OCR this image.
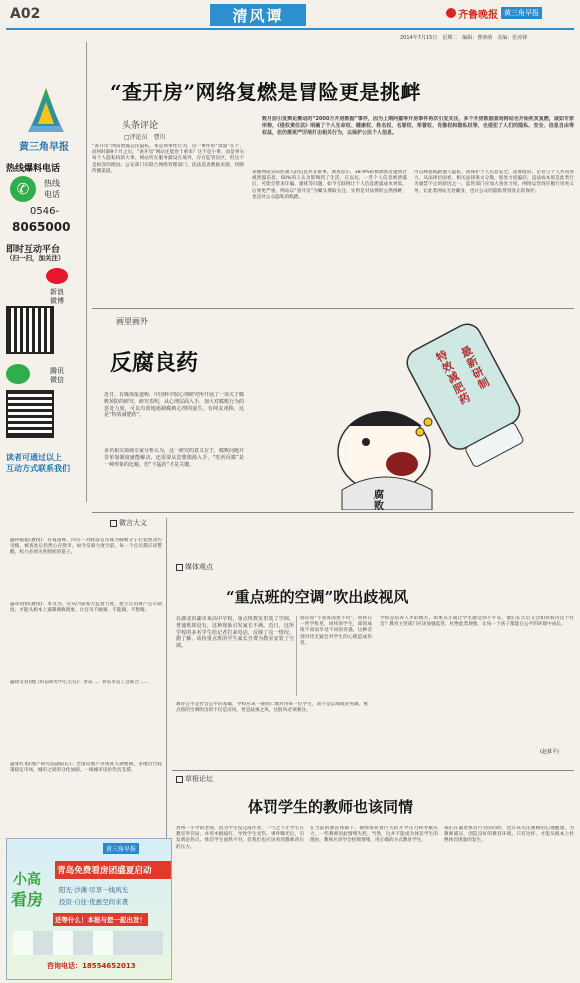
A02	清风谭	齐鲁晚报 黄三角早报
2014年7月15日　星期二　编辑：曹萌萌　美编：张涛锋
黄三角早报
热线爆料电话
✆	热线
电话
0546-
8065000
即时互动平台
（扫一扫，加关注）
新浪
微博
腾讯
微信
读者可通过以上
互动方式联系我们
“查开房”网络复燃是冒险更是挑衅
头条评论
□评论员　曹川
数月前引发舆论震动的“2000万开房数据”事件，因为上期阿嘉等开房事件再次引发关注，多个开房数据查询网站也开始死灰复燃，诚如专家所称，《侵权责任法》明确了个人生命权、健康权、姓名权、名誉权、荣誉权、肖像权和隐私权等，也侵犯了人们的隐私、安全、信息自由等权益，但仍需更严厉地打击相关行为，以保护公民个人信息。
“查开房”网站泄露公民隐私，本是刑事性行为，这一事件的“余波”在于，而何时隔9个月之后，“查开房”网站还能卷土重来？这不是小事，而是事关每个人隐私权的大事。网站所在服务器设在境外，存在监管盲区，但这不是纵容的理由。公安部门应联合网络管理部门，依法追查数据来源，切断传播渠道。	掌握网站实际控制人的信息并非难事，调查显示，38.9%的被调查者遭到过被泄露信息，60%的人认为影响到了生活。在以往，一些个人信息被泄露后，可能会带来诈骗、骚扰等问题，如今互联网让个人信息泄露成本更低、后果更严重。网站以“查开房”为噱头博取关注，实则是对法律的公然挑衅，也是对公众隐私的践踏。
可以肆意践踏他人隐私，而保护个人信息安全，需要政府、企业与个人共同努力。从法律层面看，相关法律条文分散，惩处力度偏轻，违法成本低是此类行为屡禁不止的原因之一。监管部门应加大查处力度，网络运营商应履行审查义务，让此类网站无处藏身，也让公众的隐私得到真正的保护。
画里画外
反腐良药
近日，有媒体报道称，中国科学院心理研究所开展了一项关于腐败预防的研究，研究表明，从心理层面入手，加大对腐败行为的惩处力度，可以有效地遏制腐败心理的滋生。有网友戏称，这是“特效减肥药”。
多名相关领域专家分析认为，这一研究的意义在于，腐败问题并非单靠制度就能解决，还需要从思想根源入手，“吃药反腐”是一种形象的比喻，但“下猛药”才是关键。
特效减肥药
最新研制
腐败
微言大义
@何振彪(教授)：有报道称，四川一对政法官员成为腐败分子后竟然贪污受贿，被查处后仍然心存侥幸。如今反腐力度空前，每一个官员都应该警醒，权力必须关进制度的笼子。
@章剑恒(教授)：本文为，应从内部加大监督力度，建立官员财产公示制度，才能从根本上遏制腐败现象，让官员不敢腐、不能腐、不想腐。
@徐文君(澳门诉讼研究中心主任)：青岛二、青岛市总工会联合……
@张红旭(地产研究院副院长)：全国房地产市场进入调整期，多地出台政策稳定市场，城市之间的分化加剧，一线城市房价仍具支撑。
媒体观点
“重点班的空调”吹出歧视风
在湖北洪湖市某高中学校，重点班教室里装了空调，普通班却没有，这种现象引发家长不满。近日，这所学校的多名学生给记者打来电话，反映了这一情况。据了解，该校重点班的学生家长自费为教室安装了空调。
俗话说“不患寡而患不均”，同样在一所学校里，同样的学生，却因成绩不同而享受不同的待遇，这种差别对待无疑会对学生的心理造成伤害。
教育公平是社会公平的基础，学校应该一视同仁地对待每一位学生，而不是以成绩论英雄。重点班的空调吹出的不仅是凉风，更是歧视之风，这股风必须刹住。
学校是培养人才的地方，如果从小就让学生感受到不平等，他们长大后又会如何看待这个社会？教育主管部门应该加强监管，杜绝此类现象，让每一个孩子都能在公平的环境中成长。
(赵慕平)
草根论坛
体罚学生的教师也该同情
贵州一小学的老师，因为学生没完成作业，一气之下让学生在教室外罚站，并用木棍殴打，导致学生受伤。事件曝光后，引发舆论热议。体罚学生固然不对，但我们也应该看到教师背后的压力。
在当前的教育体制下，教师承担着巨大的升学压力和考核压力，一些教师因此情绪失控。当然，这并不能成为体罚学生的理由，教师应该学会控制情绪，用正确的方式教育学生。
我们在谴责体罚行为的同时，也应该关注教师的心理健康，为教师减压，创造良好的教育环境。只有这样，才能从根本上杜绝体罚现象的发生。
黄三角早报
小高
看房
青岛免费看房团盛夏启动
阳光·沙滩·尽享一线风光
投资·自住·优惠空间来袭
还等什么！本报与您一起出发！
咨询电话：18554652013
